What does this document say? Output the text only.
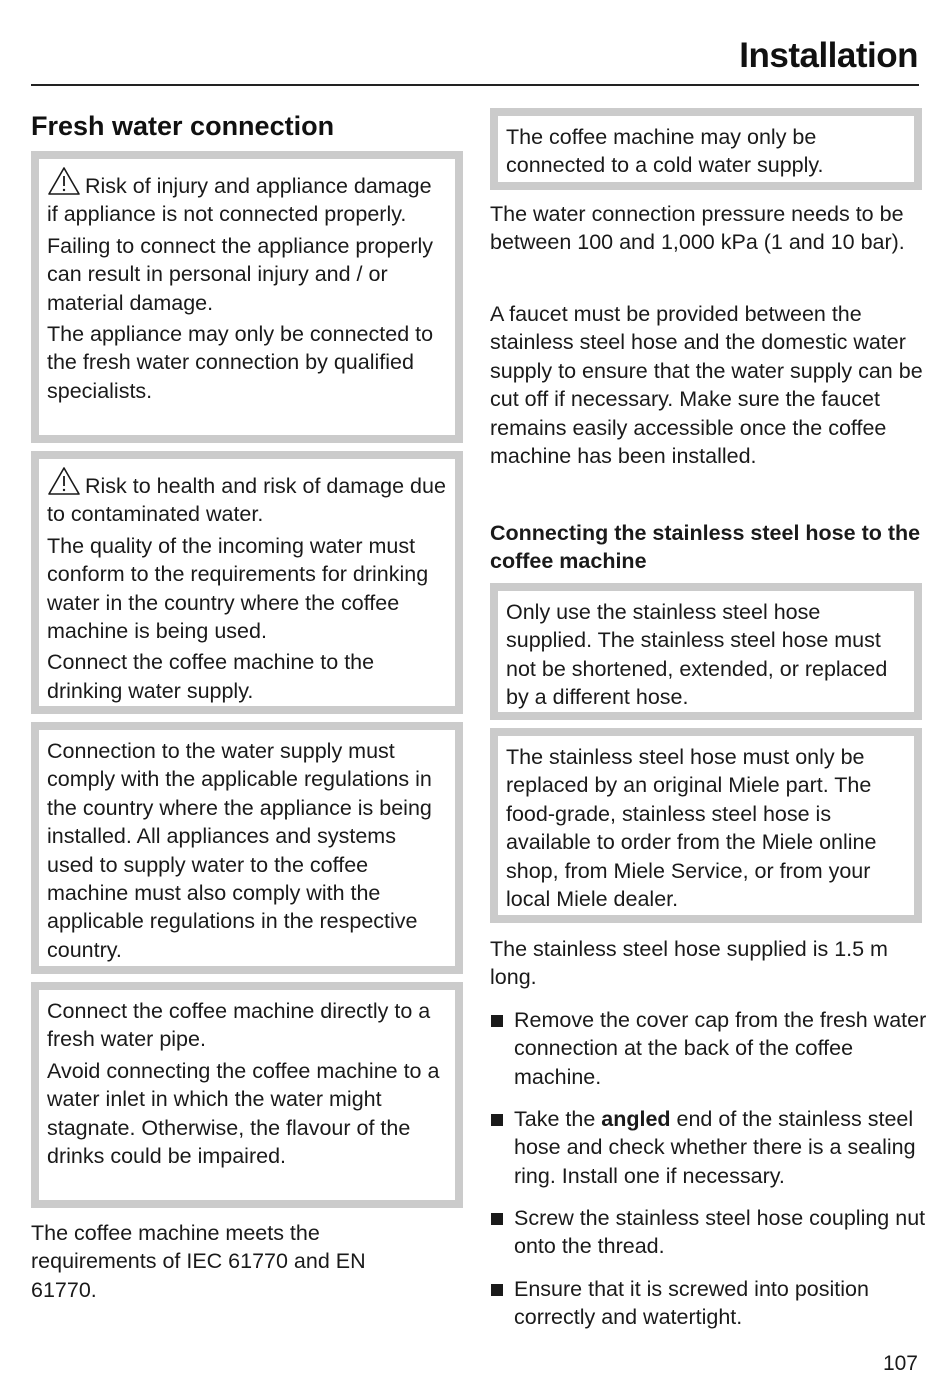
Installation
Fresh water connection

Risk of injury and appliance damage if appliance is not connected properly.

Failing to connect the appliance properly can result in personal injury and / or material damage.

The appliance may only be connected to the fresh water connection by qualified specialists.

Risk to health and risk of damage due to contaminated water.

The quality of the incoming water must conform to the requirements for drinking water in the country where the coffee machine is being used.

Connect the coffee machine to the drinking water supply.

Connection to the water supply must comply with the applicable regulations in the country where the appliance is being installed. All appliances and systems used to supply water to the coffee machine must also comply with the applicable regulations in the respective country.

Connect the coffee machine directly to a fresh water pipe.

Avoid connecting the coffee machine to a water inlet in which the water might stagnate. Otherwise, the flavour of the drinks could be impaired.

The coffee machine meets the requirements of IEC 61770 and EN 61770.

The coffee machine may only be connected to a cold water supply.

The water connection pressure needs to be between 100 and 1,000 kPa (1 and 10 bar).

A faucet must be provided between the stainless steel hose and the domestic water supply to ensure that the water supply can be cut off if necessary. Make sure the faucet remains easily accessible once the coffee machine has been installed.

Connecting the stainless steel hose to the coffee machine

Only use the stainless steel hose supplied. The stainless steel hose must not be shortened, extended, or replaced by a different hose.

The stainless steel hose must only be replaced by an original Miele part. The food-grade, stainless steel hose is available to order from the Miele online shop, from Miele Service, or from your local Miele dealer.

The stainless steel hose supplied is 1.5 m long.

Remove the cover cap from the fresh water connection at the back of the coffee machine.
Take the angled end of the stainless steel hose and check whether there is a sealing ring. Install one if necessary.
Screw the stainless steel hose coupling nut onto the thread.
Ensure that it is screwed into position correctly and watertight.
107
